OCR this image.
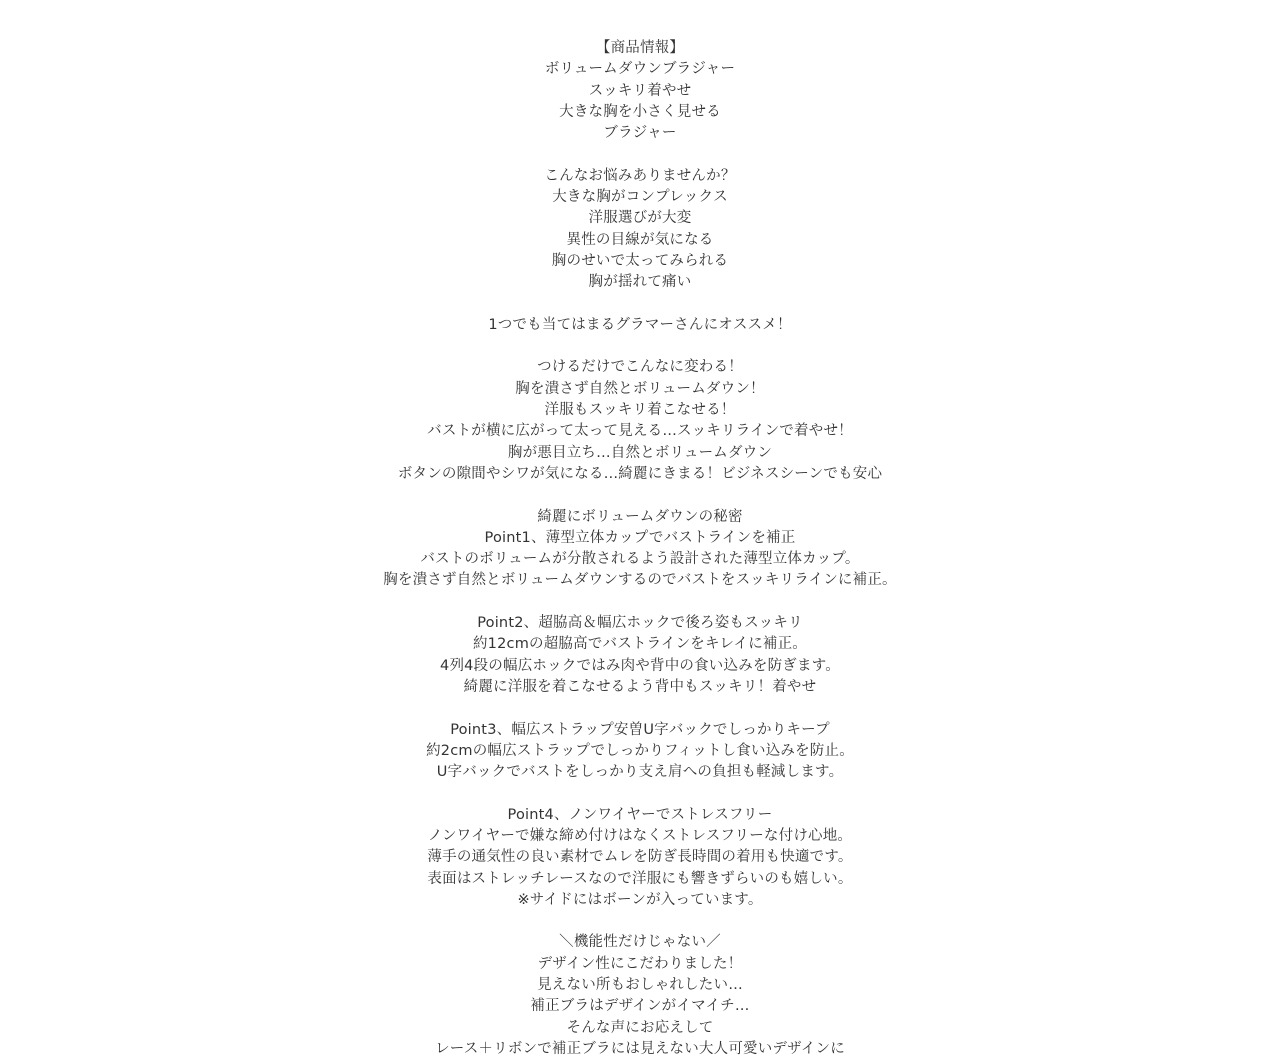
【商品情報】
ボリュームダウンブラジャー
スッキリ着やせ
大きな胸を小さく見せる
ブラジャー
こんなお悩みありませんか？
大きな胸がコンプレックス
洋服選びが大変
異性の目線が気になる
胸のせいで太ってみられる
胸が揺れて痛い
1つでも当てはまるグラマーさんにオススメ！
つけるだけでこんなに変わる！
胸を潰さず自然とボリュームダウン！
洋服もスッキリ着こなせる！
バストが横に広がって太って見える…スッキリラインで着やせ！
胸が悪目立ち…自然とボリュームダウン
ボタンの隙間やシワが気になる…綺麗にきまる！ビジネスシーンでも安心
綺麗にボリュームダウンの秘密
Point1、薄型立体カップでバストラインを補正
バストのボリュームが分散されるよう設計された薄型立体カップ。
胸を潰さず自然とボリュームダウンするのでバストをスッキリラインに補正。
Point2、超脇高＆幅広ホックで後ろ姿もスッキリ
約12cmの超脇高でバストラインをキレイに補正。
4列4段の幅広ホックではみ肉や背中の食い込みを防ぎます。
綺麗に洋服を着こなせるよう背中もスッキリ！着やせ
Point3、幅広ストラップ安曽U字バックでしっかりキープ
約2cmの幅広ストラップでしっかりフィットし食い込みを防止。
U字バックでバストをしっかり支え肩への負担も軽減します。
Point4、ノンワイヤーでストレスフリー
ノンワイヤーで嫌な締め付けはなくストレスフリーな付け心地。
薄手の通気性の良い素材でムレを防ぎ長時間の着用も快適です。
表面はストレッチレースなので洋服にも響きずらいのも嬉しい。
※サイドにはボーンが入っています。
＼機能性だけじゃない／
デザイン性にこだわりました！
見えない所もおしゃれしたい…
補正ブラはデザインがイマイチ…
そんな声にお応えして
レース＋リボンで補正ブラには見えない大人可愛いデザインに
